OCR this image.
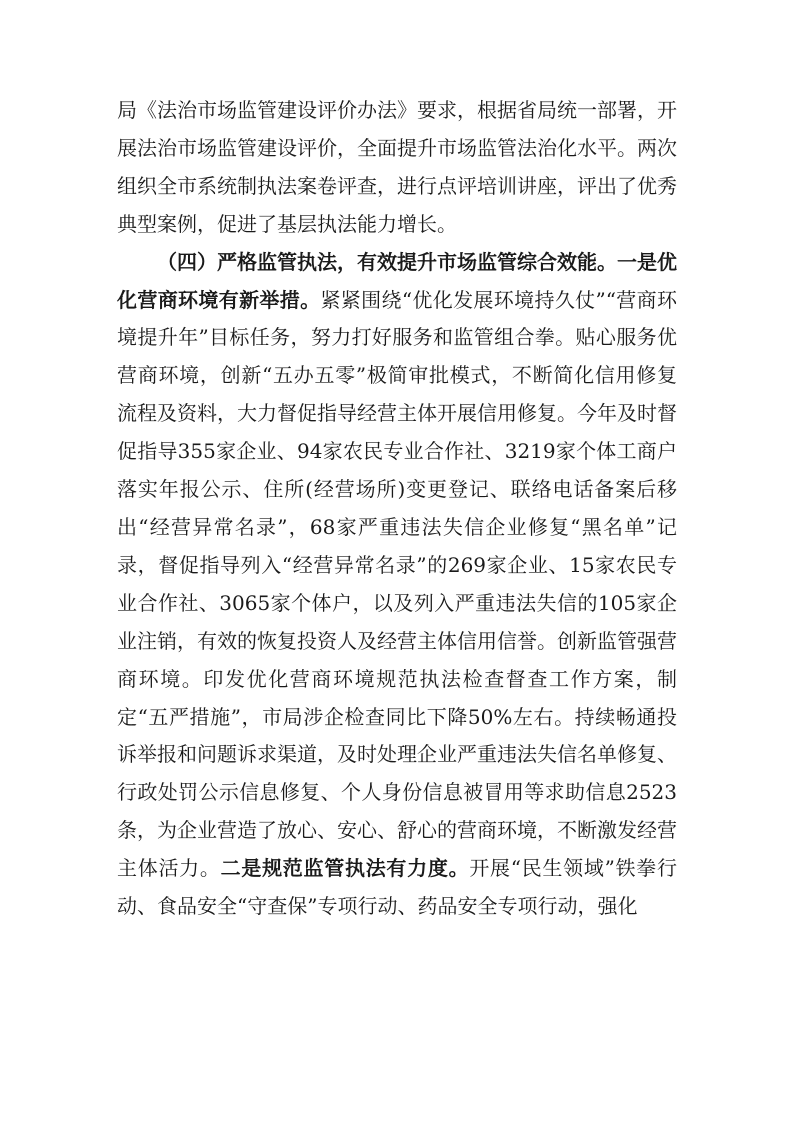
局《法治市场监管建设评价办法》要求，根据省局统一部署，开展法治市场监管建设评价，全面提升市场监管法治化水平。两次组织全市系统制执法案卷评查，进行点评培训讲座，评出了优秀典型案例，促进了基层执法能力增长。

（四）严格监管执法，有效提升市场监管综合效能。一是优化营商环境有新举措。紧紧围绕“优化发展环境持久仗”“营商环境提升年”目标任务，努力打好服务和监管组合拳。贴心服务优营商环境，创新“五办五零”极简审批模式，不断简化信用修复流程及资料，大力督促指导经营主体开展信用修复。今年及时督促指导355家企业、94家农民专业合作社、3219家个体工商户落实年报公示、住所(经营场所)变更登记、联络电话备案后移出“经营异常名录”，68家严重违法失信企业修复“黑名单”记录，督促指导列入“经营异常名录”的269家企业、15家农民专业合作社、3065家个体户，以及列入严重违法失信的105家企业注销，有效的恢复投资人及经营主体信用信誉。创新监管强营商环境。印发优化营商环境规范执法检查督查工作方案，制定“五严措施”，市局涉企检查同比下降50%左右。持续畅通投诉举报和问题诉求渠道，及时处理企业严重违法失信名单修复、行政处罚公示信息修复、个人身份信息被冒用等求助信息2523条，为企业营造了放心、安心、舒心的营商环境，不断激发经营主体活力。二是规范监管执法有力度。开展“民生领域”铁拳行动、食品安全“守查保”专项行动、药品安全专项行动，强化
